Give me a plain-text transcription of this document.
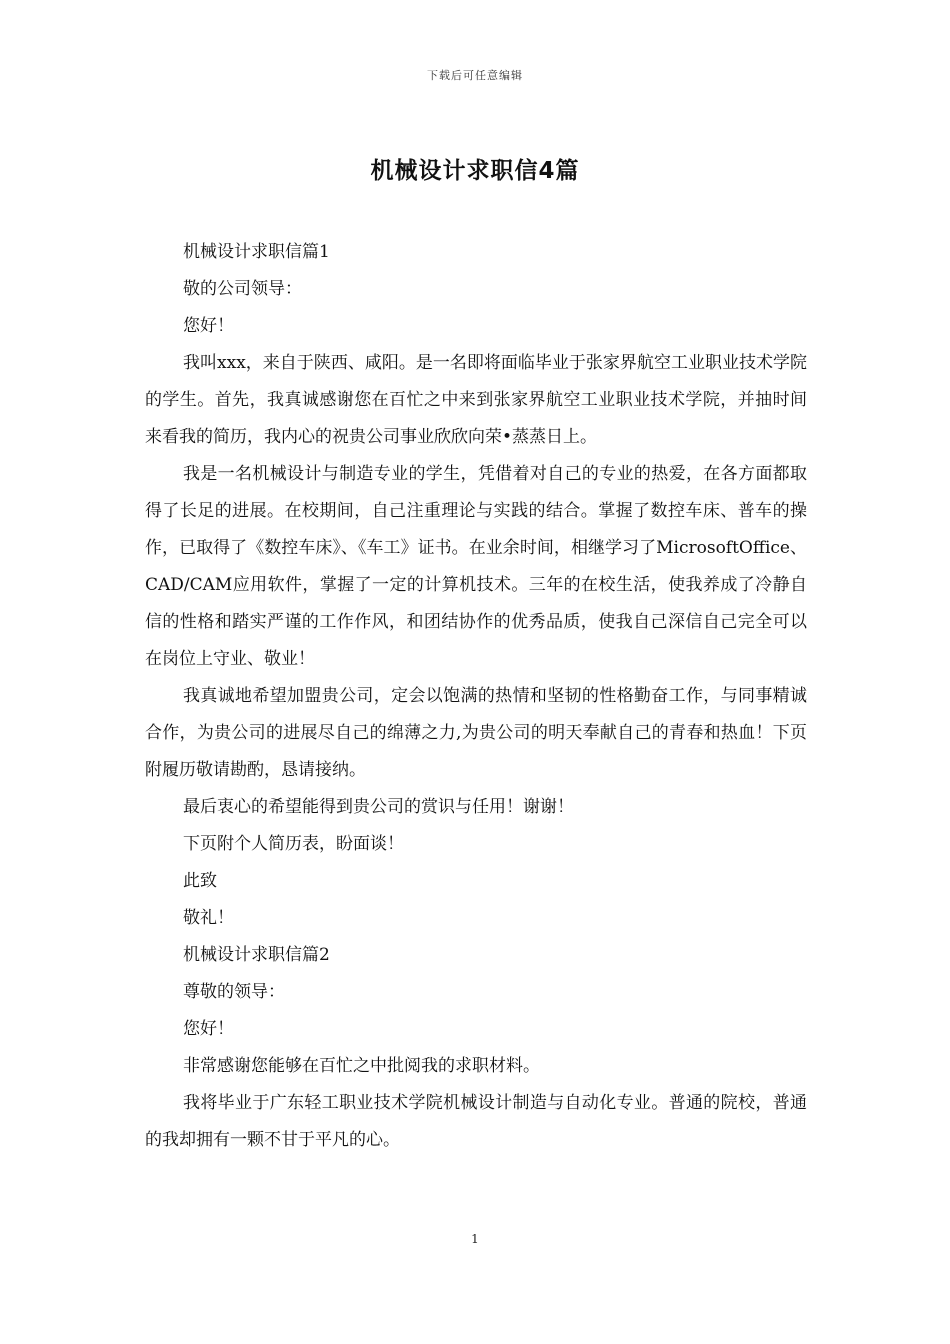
下载后可任意编辑
机械设计求职信4篇

机械设计求职信篇1

敬的公司领导：

您好！

我叫xxx，来自于陕西、咸阳。是一名即将面临毕业于张家界航空工业职业技术学院的学生。首先，我真诚感谢您在百忙之中来到张家界航空工业职业技术学院，并抽时间来看我的简历，我内心的祝贵公司事业欣欣向荣•蒸蒸日上。

我是一名机械设计与制造专业的学生，凭借着对自己的专业的热爱，在各方面都取得了长足的进展。在校期间，自己注重理论与实践的结合。掌握了数控车床、普车的操作，已取得了《数控车床》、《车工》证书。在业余时间，相继学习了MicrosoftOffice、CAD/CAM应用软件，掌握了一定的计算机技术。三年的在校生活，使我养成了冷静自信的性格和踏实严谨的工作作风，和团结协作的优秀品质，使我自己深信自己完全可以在岗位上守业、敬业！

我真诚地希望加盟贵公司，定会以饱满的热情和坚韧的性格勤奋工作，与同事精诚合作，为贵公司的进展尽自己的绵薄之力,为贵公司的明天奉献自己的青春和热血！下页附履历敬请勘酌，恳请接纳。

最后衷心的希望能得到贵公司的赏识与任用！谢谢！

下页附个人简历表，盼面谈！

此致

敬礼！

机械设计求职信篇2

尊敬的领导：

您好！

非常感谢您能够在百忙之中批阅我的求职材料。

我将毕业于广东轻工职业技术学院机械设计制造与自动化专业。普通的院校，普通的我却拥有一颗不甘于平凡的心。

1
